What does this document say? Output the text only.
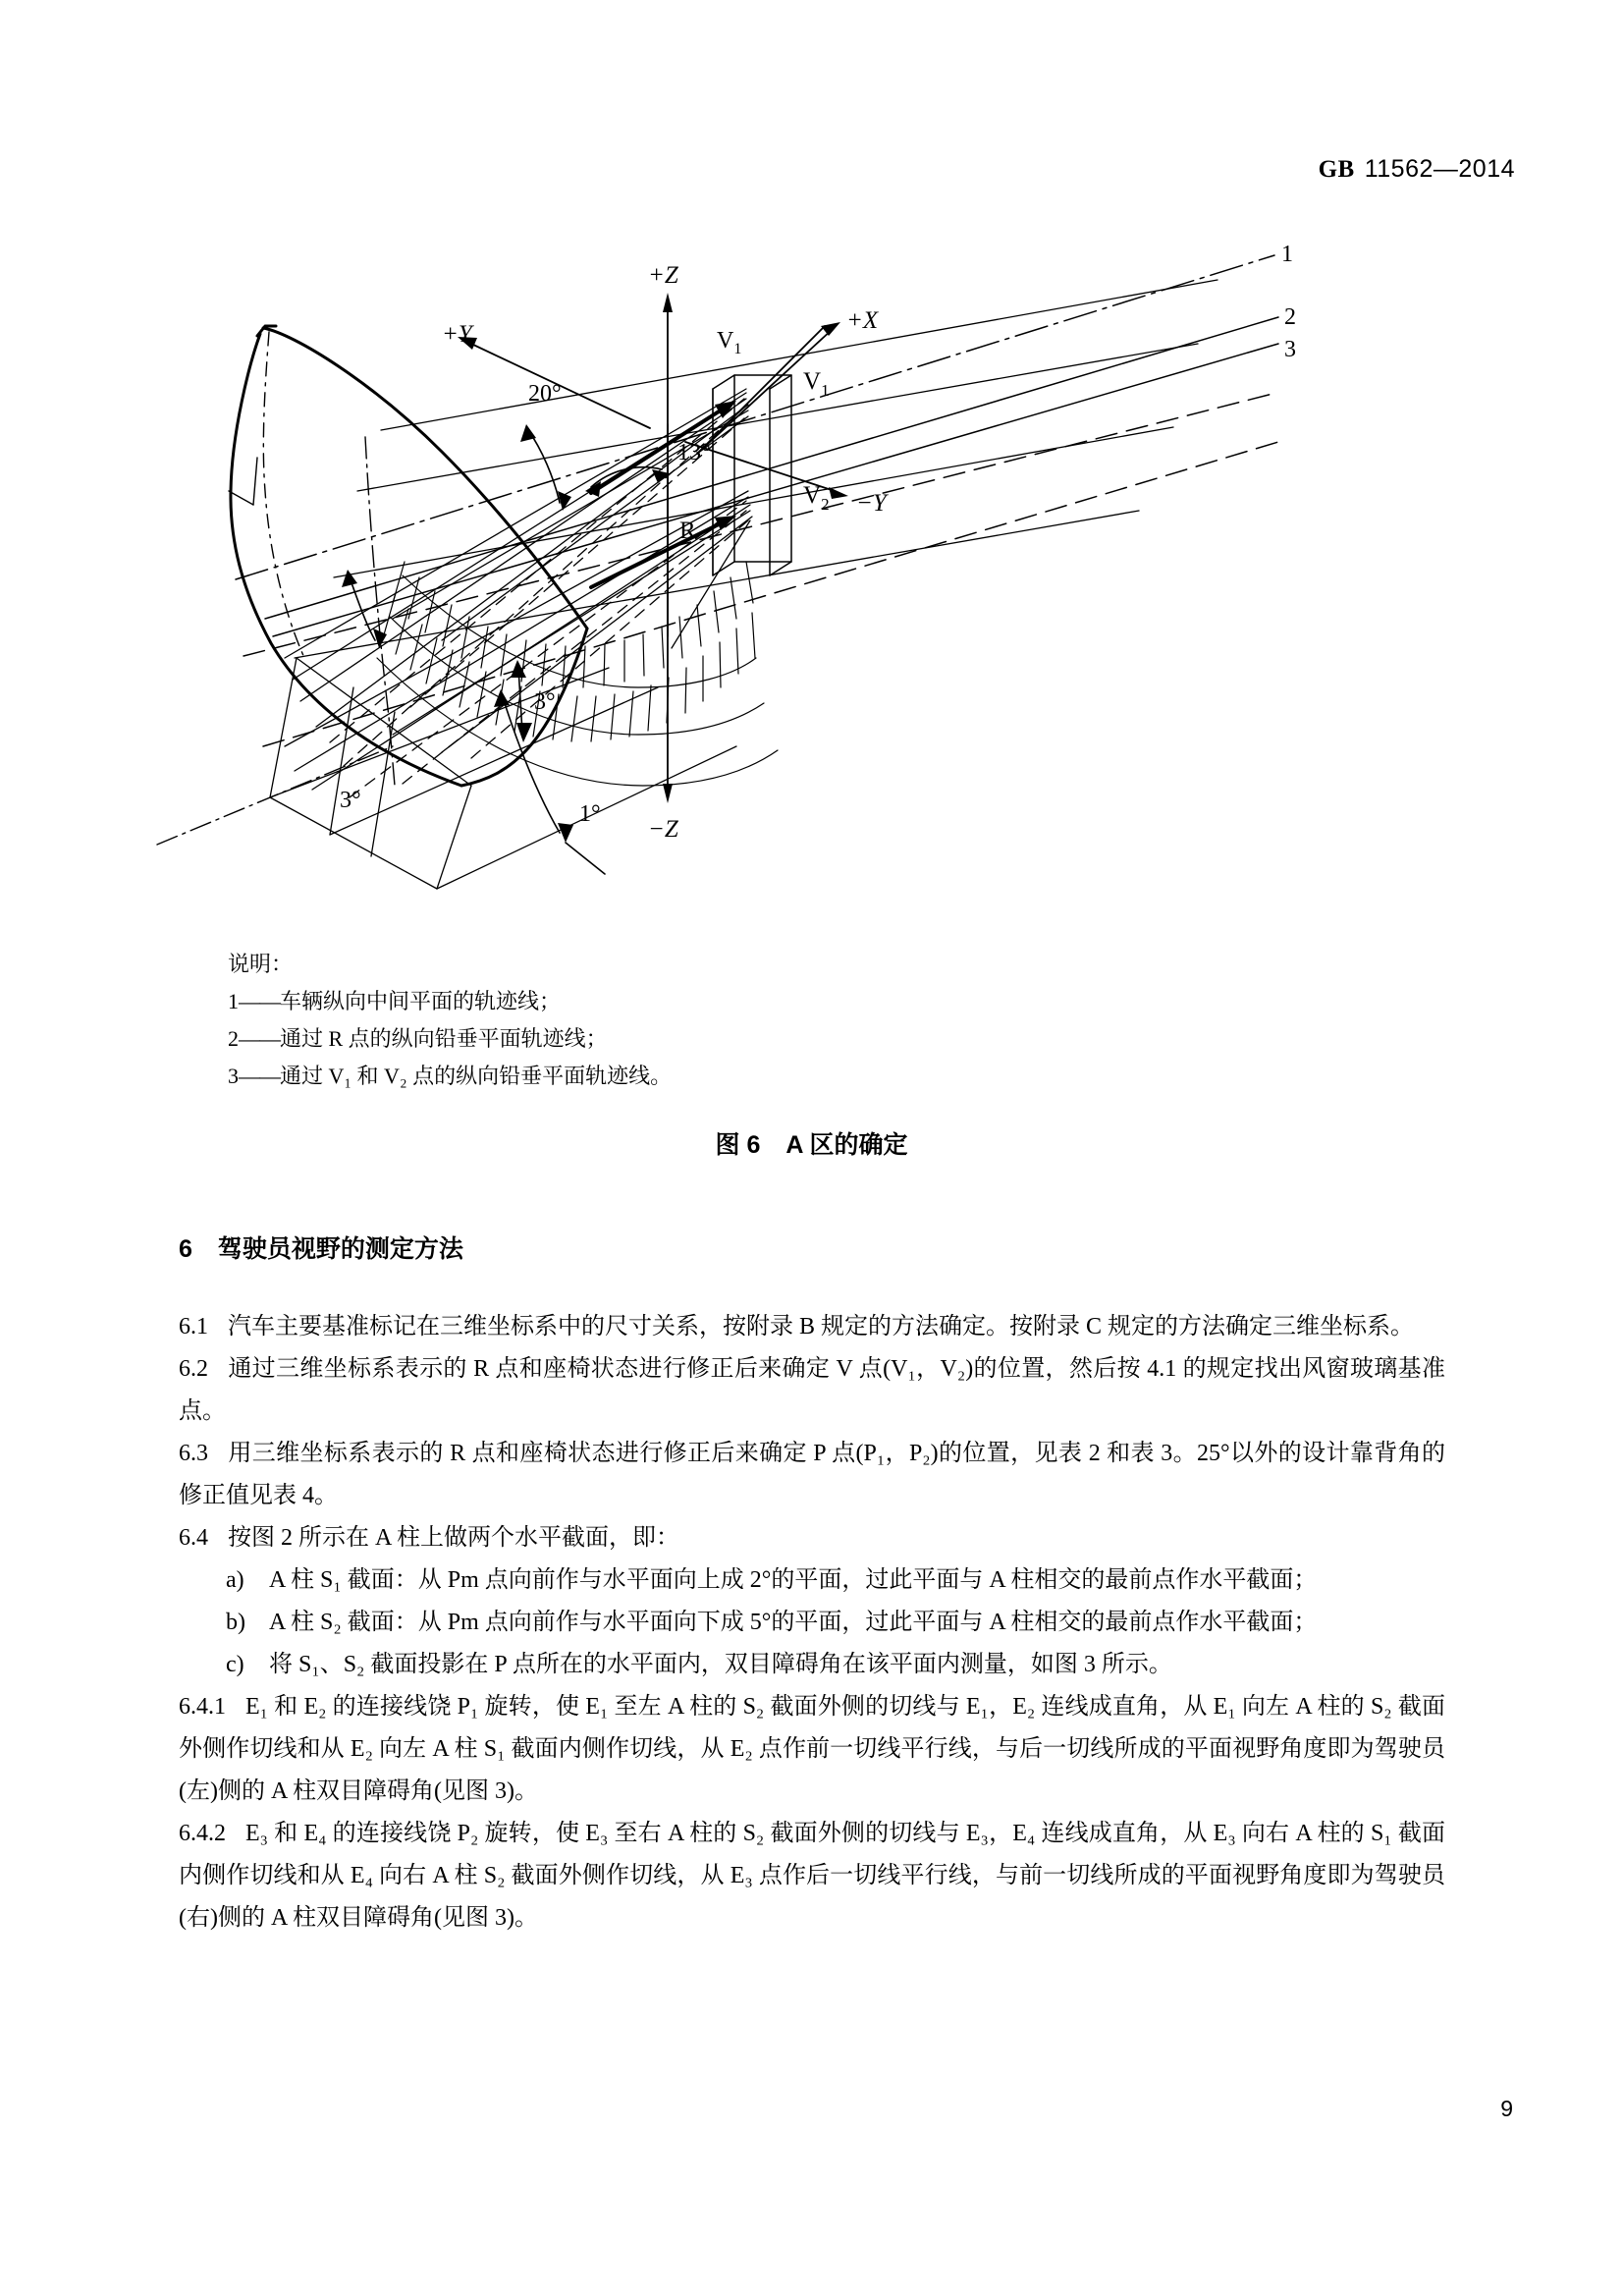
GB 11562—2014
+Z
−Z
+X
−Y
+Y
1
2
3
$V_1$
20°
13°
3°
3°
1°
$V_1$
$V_2$
R
说明：
1——车辆纵向中间平面的轨迹线；
2——通过 R 点的纵向铅垂平面轨迹线；
3——通过 V₁ 和 V₂ 点的纵向铅垂平面轨迹线。
图 6 A 区的确定
6 驾驶员视野的测定方法

6.1 汽车主要基准标记在三维坐标系中的尺寸关系，按附录 B 规定的方法确定。按附录 C 规定的方法确定三维坐标系。

6.2 通过三维坐标系表示的 R 点和座椅状态进行修正后来确定 V 点(V₁，V₂)的位置，然后按 4.1 的规定找出风窗玻璃基准点。

6.3 用三维坐标系表示的 R 点和座椅状态进行修正后来确定 P 点(P₁，P₂)的位置，见表 2 和表 3。25°以外的设计靠背角的修正值见表 4。

6.4 按图 2 所示在 A 柱上做两个水平截面，即：

a) A 柱 S₁ 截面：从 Pm 点向前作与水平面向上成 2°的平面，过此平面与 A 柱相交的最前点作水平截面；
b) A 柱 S₂ 截面：从 Pm 点向前作与水平面向下成 5°的平面，过此平面与 A 柱相交的最前点作水平截面；
c) 将 S₁、S₂ 截面投影在 P 点所在的水平面内，双目障碍角在该平面内测量，如图 3 所示。

6.4.1 E₁ 和 E₂ 的连接线饶 P₁ 旋转，使 E₁ 至左 A 柱的 S₂ 截面外侧的切线与 E₁，E₂ 连线成直角，从 E₁ 向左 A 柱的 S₂ 截面外侧作切线和从 E₂ 向左 A 柱 S₁ 截面内侧作切线，从 E₂ 点作前一切线平行线，与后一切线所成的平面视野角度即为驾驶员(左)侧的 A 柱双目障碍角(见图 3)。

6.4.2 E₃ 和 E₄ 的连接线饶 P₂ 旋转，使 E₃ 至右 A 柱的 S₂ 截面外侧的切线与 E₃，E₄ 连线成直角，从 E₃ 向右 A 柱的 S₁ 截面内侧作切线和从 E₄ 向右 A 柱 S₂ 截面外侧作切线，从 E₃ 点作后一切线平行线，与前一切线所成的平面视野角度即为驾驶员(右)侧的 A 柱双目障碍角(见图 3)。

9
